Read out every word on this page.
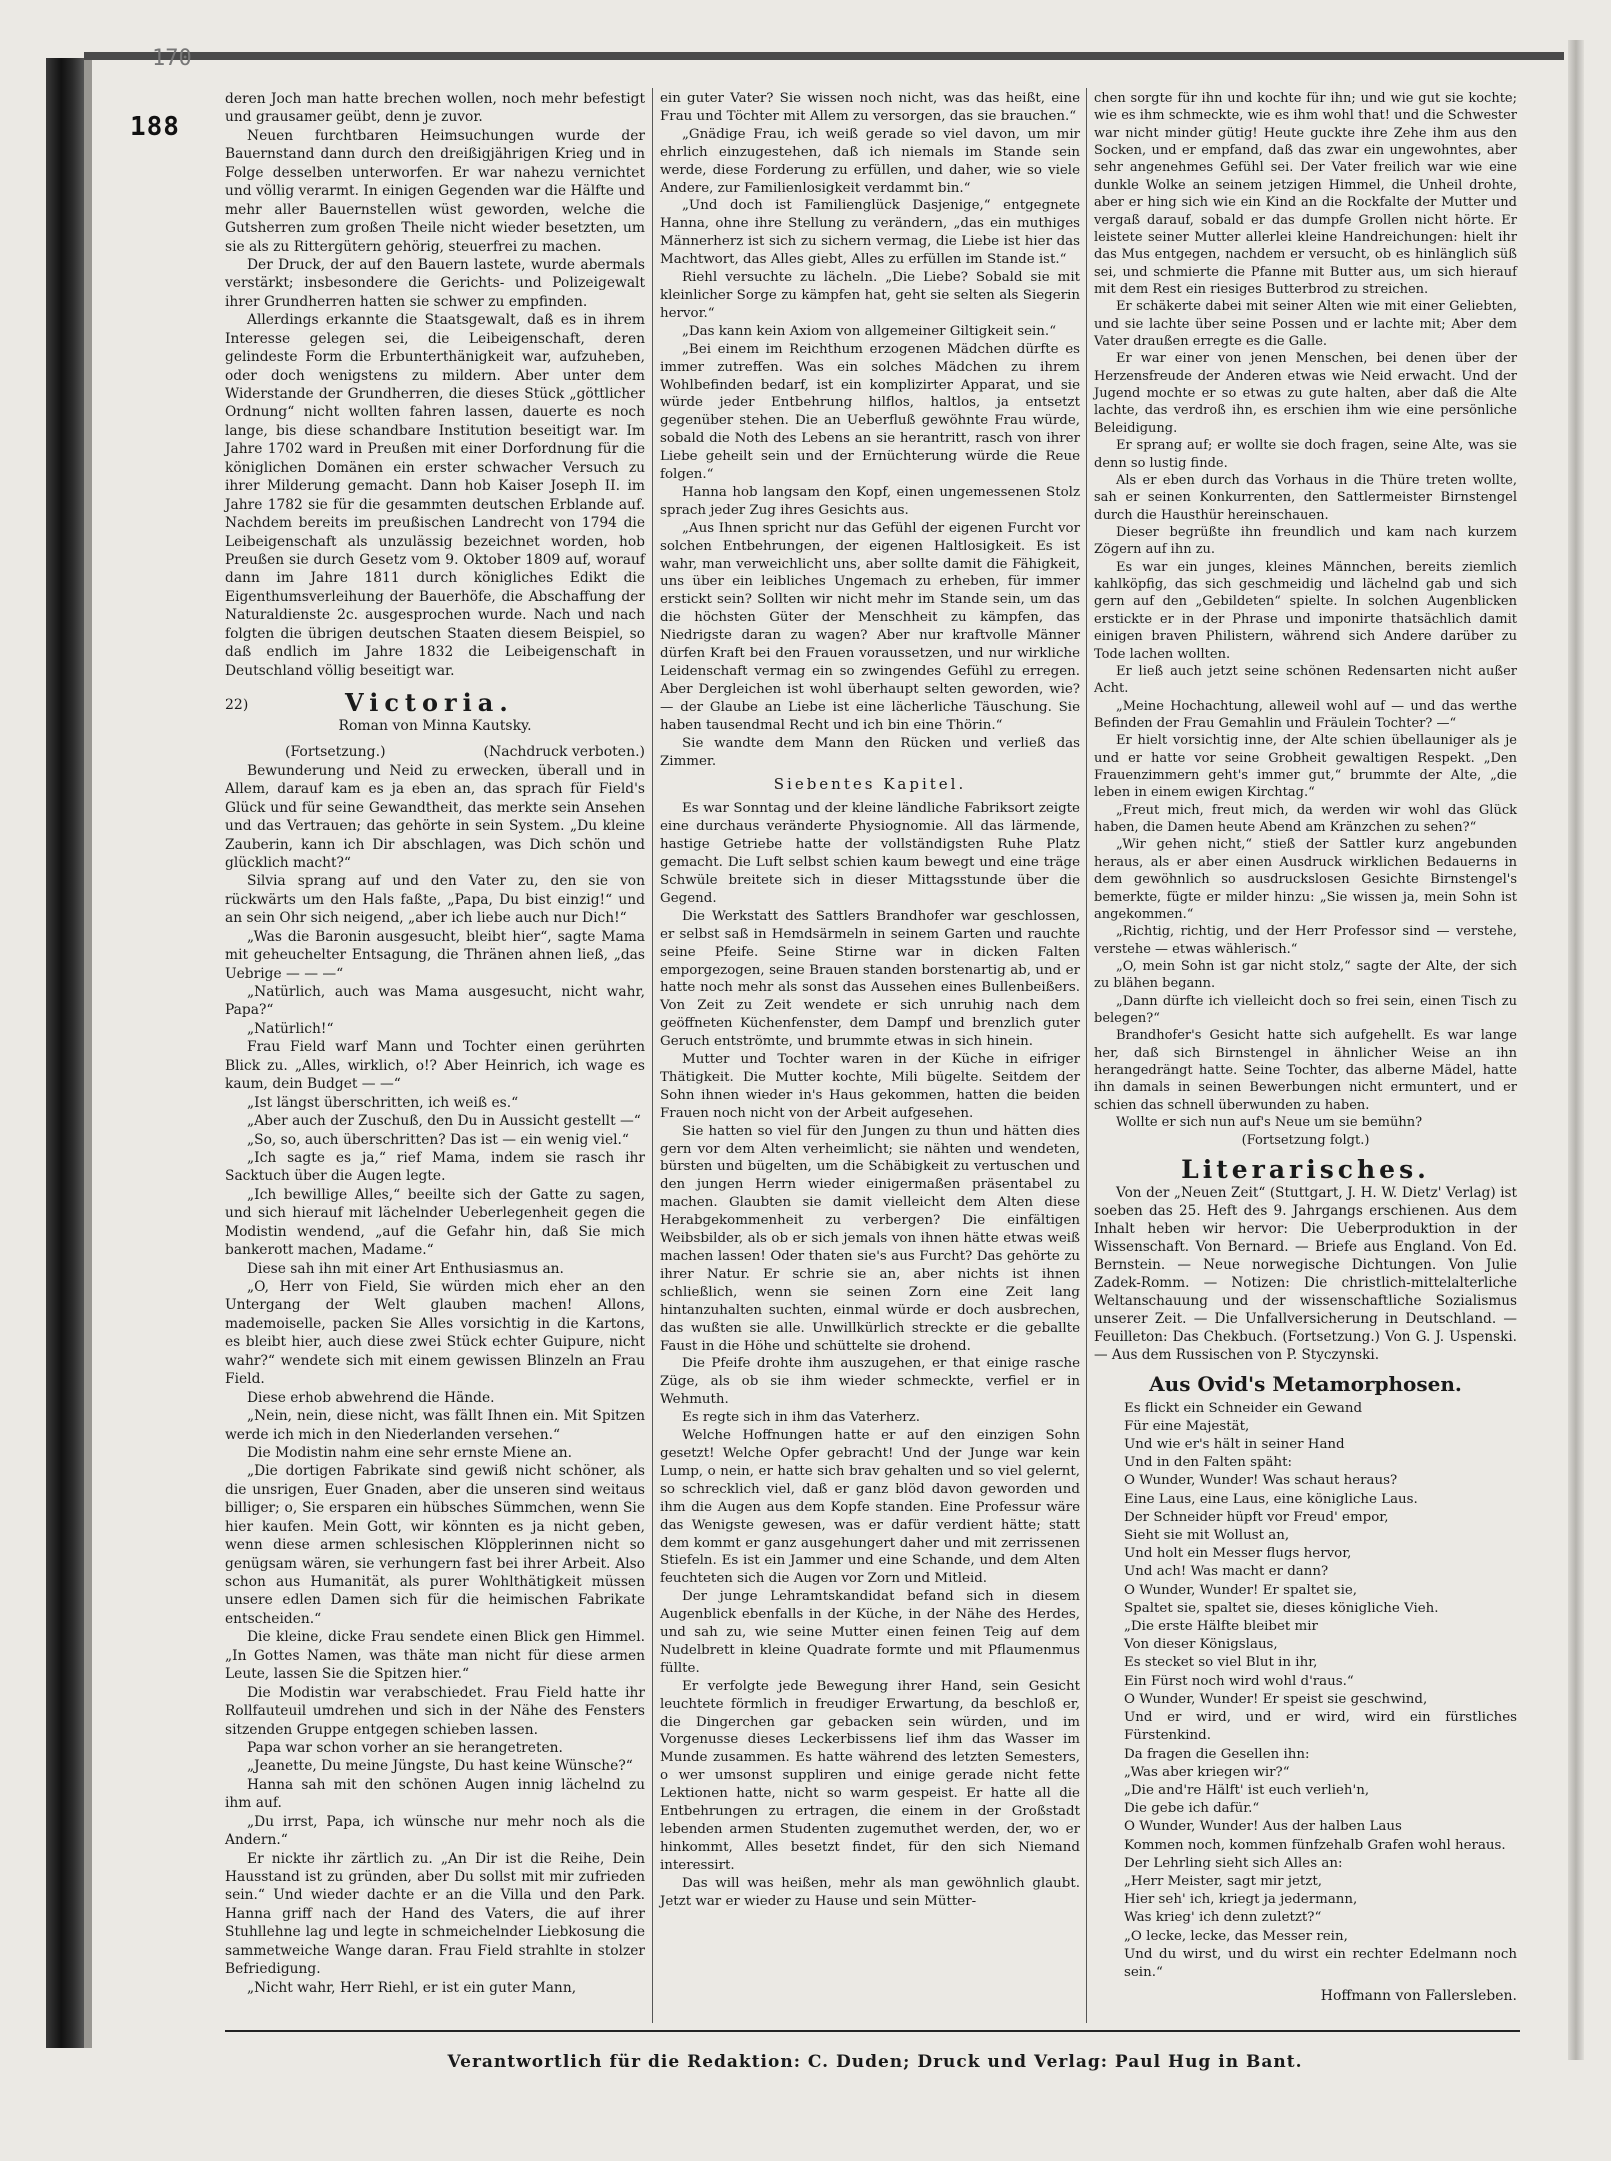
170
188

deren Joch man hatte brechen wollen, noch mehr befestigt und grausamer geübt, denn je zuvor.

Neuen furchtbaren Heimsuchungen wurde der Bauernstand dann durch den dreißigjährigen Krieg und in Folge desselben unterworfen. Er war nahezu vernichtet und völlig verarmt. In einigen Gegenden war die Hälfte und mehr aller Bauernstellen wüst geworden, welche die Gutsherren zum großen Theile nicht wieder besetzten, um sie als zu Rittergütern gehörig, steuerfrei zu machen.

Der Druck, der auf den Bauern lastete, wurde abermals verstärkt; insbesondere die Gerichts- und Polizeigewalt ihrer Grundherren hatten sie schwer zu empfinden.

Allerdings erkannte die Staatsgewalt, daß es in ihrem Interesse gelegen sei, die Leibeigenschaft, deren gelindeste Form die Erbunterthänigkeit war, aufzuheben, oder doch wenigstens zu mildern. Aber unter dem Widerstande der Grundherren, die dieses Stück „göttlicher Ordnung“ nicht wollten fahren lassen, dauerte es noch lange, bis diese schandbare Institution beseitigt war. Im Jahre 1702 ward in Preußen mit einer Dorfordnung für die königlichen Domänen ein erster schwacher Versuch zu ihrer Milderung gemacht. Dann hob Kaiser Joseph II. im Jahre 1782 sie für die gesammten deutschen Erblande auf. Nachdem bereits im preußischen Landrecht von 1794 die Leibeigenschaft als unzulässig bezeichnet worden, hob Preußen sie durch Gesetz vom 9. Oktober 1809 auf, worauf dann im Jahre 1811 durch königliches Edikt die Eigenthumsverleihung der Bauerhöfe, die Abschaffung der Naturaldienste 2c. ausgesprochen wurde. Nach und nach folgten die übrigen deutschen Staaten diesem Beispiel, so daß endlich im Jahre 1832 die Leibeigenschaft in Deutschland völlig beseitigt war.

22)	Victoria.
Roman von Minna Kautsky.
(Fortsetzung.)	(Nachdruck verboten.)

Bewunderung und Neid zu erwecken, überall und in Allem, darauf kam es ja eben an, das sprach für Field's Glück und für seine Gewandtheit, das merkte sein Ansehen und das Vertrauen; das gehörte in sein System. „Du kleine Zauberin, kann ich Dir abschlagen, was Dich schön und glücklich macht?“

Silvia sprang auf und den Vater zu, den sie von rückwärts um den Hals faßte, „Papa, Du bist einzig!“ und an sein Ohr sich neigend, „aber ich liebe auch nur Dich!“

„Was die Baronin ausgesucht, bleibt hier“, sagte Mama mit geheuchelter Entsagung, die Thränen ahnen ließ, „das Uebrige — — —“

„Natürlich, auch was Mama ausgesucht, nicht wahr, Papa?“

„Natürlich!“

Frau Field warf Mann und Tochter einen gerührten Blick zu. „Alles, wirklich, o!? Aber Heinrich, ich wage es kaum, dein Budget — —“

„Ist längst überschritten, ich weiß es.“

„Aber auch der Zuschuß, den Du in Aussicht gestellt —“

„So, so, auch überschritten? Das ist — ein wenig viel.“

„Ich sagte es ja,“ rief Mama, indem sie rasch ihr Sacktuch über die Augen legte.

„Ich bewillige Alles,“ beeilte sich der Gatte zu sagen, und sich hierauf mit lächelnder Ueberlegenheit gegen die Modistin wendend, „auf die Gefahr hin, daß Sie mich bankerott machen, Madame.“

Diese sah ihn mit einer Art Enthusiasmus an.

„O, Herr von Field, Sie würden mich eher an den Untergang der Welt glauben machen! Allons, mademoiselle, packen Sie Alles vorsichtig in die Kartons, es bleibt hier, auch diese zwei Stück echter Guipure, nicht wahr?“ wendete sich mit einem gewissen Blinzeln an Frau Field.

Diese erhob abwehrend die Hände.

„Nein, nein, diese nicht, was fällt Ihnen ein. Mit Spitzen werde ich mich in den Niederlanden versehen.“

Die Modistin nahm eine sehr ernste Miene an.

„Die dortigen Fabrikate sind gewiß nicht schöner, als die unsrigen, Euer Gnaden, aber die unseren sind weitaus billiger; o, Sie ersparen ein hübsches Sümmchen, wenn Sie hier kaufen. Mein Gott, wir könnten es ja nicht geben, wenn diese armen schlesischen Klöpplerinnen nicht so genügsam wären, sie verhungern fast bei ihrer Arbeit. Also schon aus Humanität, als purer Wohlthätigkeit müssen unsere edlen Damen sich für die heimischen Fabrikate entscheiden.“

Die kleine, dicke Frau sendete einen Blick gen Himmel. „In Gottes Namen, was thäte man nicht für diese armen Leute, lassen Sie die Spitzen hier.“

Die Modistin war verabschiedet. Frau Field hatte ihr Rollfauteuil umdrehen und sich in der Nähe des Fensters sitzenden Gruppe entgegen schieben lassen.

Papa war schon vorher an sie herangetreten.

„Jeanette, Du meine Jüngste, Du hast keine Wünsche?“

Hanna sah mit den schönen Augen innig lächelnd zu ihm auf.

„Du irrst, Papa, ich wünsche nur mehr noch als die Andern.“

Er nickte ihr zärtlich zu. „An Dir ist die Reihe, Dein Hausstand ist zu gründen, aber Du sollst mit mir zufrieden sein.“ Und wieder dachte er an die Villa und den Park. Hanna griff nach der Hand des Vaters, die auf ihrer Stuhllehne lag und legte in schmeichelnder Liebkosung die sammetweiche Wange daran. Frau Field strahlte in stolzer Befriedigung.

„Nicht wahr, Herr Riehl, er ist ein guter Mann,

ein guter Vater? Sie wissen noch nicht, was das heißt, eine Frau und Töchter mit Allem zu versorgen, das sie brauchen.“

„Gnädige Frau, ich weiß gerade so viel davon, um mir ehrlich einzugestehen, daß ich niemals im Stande sein werde, diese Forderung zu erfüllen, und daher, wie so viele Andere, zur Familienlosigkeit verdammt bin.“

„Und doch ist Familienglück Dasjenige,“ entgegnete Hanna, ohne ihre Stellung zu verändern, „das ein muthiges Männerherz ist sich zu sichern vermag, die Liebe ist hier das Machtwort, das Alles giebt, Alles zu erfüllen im Stande ist.“

Riehl versuchte zu lächeln. „Die Liebe? Sobald sie mit kleinlicher Sorge zu kämpfen hat, geht sie selten als Siegerin hervor.“

„Das kann kein Axiom von allgemeiner Giltigkeit sein.“

„Bei einem im Reichthum erzogenen Mädchen dürfte es immer zutreffen. Was ein solches Mädchen zu ihrem Wohlbefinden bedarf, ist ein komplizirter Apparat, und sie würde jeder Entbehrung hilflos, haltlos, ja entsetzt gegenüber stehen. Die an Ueberfluß gewöhnte Frau würde, sobald die Noth des Lebens an sie herantritt, rasch von ihrer Liebe geheilt sein und der Ernüchterung würde die Reue folgen.“

Hanna hob langsam den Kopf, einen ungemessenen Stolz sprach jeder Zug ihres Gesichts aus.

„Aus Ihnen spricht nur das Gefühl der eigenen Furcht vor solchen Entbehrungen, der eigenen Haltlosigkeit. Es ist wahr, man verweichlicht uns, aber sollte damit die Fähigkeit, uns über ein leibliches Ungemach zu erheben, für immer erstickt sein? Sollten wir nicht mehr im Stande sein, um das die höchsten Güter der Menschheit zu kämpfen, das Niedrigste daran zu wagen? Aber nur kraftvolle Männer dürfen Kraft bei den Frauen voraussetzen, und nur wirkliche Leidenschaft vermag ein so zwingendes Gefühl zu erregen. Aber Dergleichen ist wohl überhaupt selten geworden, wie? — der Glaube an Liebe ist eine lächerliche Täuschung. Sie haben tausendmal Recht und ich bin eine Thörin.“

Sie wandte dem Mann den Rücken und verließ das Zimmer.

Siebentes Kapitel.

Es war Sonntag und der kleine ländliche Fabriksort zeigte eine durchaus veränderte Physiognomie. All das lärmende, hastige Getriebe hatte der vollständigsten Ruhe Platz gemacht. Die Luft selbst schien kaum bewegt und eine träge Schwüle breitete sich in dieser Mittagsstunde über die Gegend.

Die Werkstatt des Sattlers Brandhofer war geschlossen, er selbst saß in Hemdsärmeln in seinem Garten und rauchte seine Pfeife. Seine Stirne war in dicken Falten emporgezogen, seine Brauen standen borstenartig ab, und er hatte noch mehr als sonst das Aussehen eines Bullenbeißers. Von Zeit zu Zeit wendete er sich unruhig nach dem geöffneten Küchenfenster, dem Dampf und brenzlich guter Geruch entströmte, und brummte etwas in sich hinein.

Mutter und Tochter waren in der Küche in eifriger Thätigkeit. Die Mutter kochte, Mili bügelte. Seitdem der Sohn ihnen wieder in's Haus gekommen, hatten die beiden Frauen noch nicht von der Arbeit aufgesehen.

Sie hatten so viel für den Jungen zu thun und hätten dies gern vor dem Alten verheimlicht; sie nähten und wendeten, bürsten und bügelten, um die Schäbigkeit zu vertuschen und den jungen Herrn wieder einigermaßen präsentabel zu machen. Glaubten sie damit vielleicht dem Alten diese Herabgekommenheit zu verbergen? Die einfältigen Weibsbilder, als ob er sich jemals von ihnen hätte etwas weiß machen lassen! Oder thaten sie's aus Furcht? Das gehörte zu ihrer Natur. Er schrie sie an, aber nichts ist ihnen schließlich, wenn sie seinen Zorn eine Zeit lang hintanzuhalten suchten, einmal würde er doch ausbrechen, das wußten sie alle. Unwillkürlich streckte er die geballte Faust in die Höhe und schüttelte sie drohend.

Die Pfeife drohte ihm auszugehen, er that einige rasche Züge, als ob sie ihm wieder schmeckte, verfiel er in Wehmuth.

Es regte sich in ihm das Vaterherz.

Welche Hoffnungen hatte er auf den einzigen Sohn gesetzt! Welche Opfer gebracht! Und der Junge war kein Lump, o nein, er hatte sich brav gehalten und so viel gelernt, so schrecklich viel, daß er ganz blöd davon geworden und ihm die Augen aus dem Kopfe standen. Eine Professur wäre das Wenigste gewesen, was er dafür verdient hätte; statt dem kommt er ganz ausgehungert daher und mit zerrissenen Stiefeln. Es ist ein Jammer und eine Schande, und dem Alten feuchteten sich die Augen vor Zorn und Mitleid.

Der junge Lehramtskandidat befand sich in diesem Augenblick ebenfalls in der Küche, in der Nähe des Herdes, und sah zu, wie seine Mutter einen feinen Teig auf dem Nudelbrett in kleine Quadrate formte und mit Pflaumenmus füllte.

Er verfolgte jede Bewegung ihrer Hand, sein Gesicht leuchtete förmlich in freudiger Erwartung, da beschloß er, die Dingerchen gar gebacken sein würden, und im Vorgenusse dieses Leckerbissens lief ihm das Wasser im Munde zusammen. Es hatte während des letzten Semesters, o wer umsonst suppliren und einige gerade nicht fette Lektionen hatte, nicht so warm gespeist. Er hatte all die Entbehrungen zu ertragen, die einem in der Großstadt lebenden armen Studenten zugemuthet werden, der, wo er hinkommt, Alles besetzt findet, für den sich Niemand interessirt.

Das will was heißen, mehr als man gewöhnlich glaubt. Jetzt war er wieder zu Hause und sein Mütter-

chen sorgte für ihn und kochte für ihn; und wie gut sie kochte; wie es ihm schmeckte, wie es ihm wohl that! und die Schwester war nicht minder gütig! Heute guckte ihre Zehe ihm aus den Socken, und er empfand, daß das zwar ein ungewohntes, aber sehr angenehmes Gefühl sei. Der Vater freilich war wie eine dunkle Wolke an seinem jetzigen Himmel, die Unheil drohte, aber er hing sich wie ein Kind an die Rockfalte der Mutter und vergaß darauf, sobald er das dumpfe Grollen nicht hörte. Er leistete seiner Mutter allerlei kleine Handreichungen: hielt ihr das Mus entgegen, nachdem er versucht, ob es hinlänglich süß sei, und schmierte die Pfanne mit Butter aus, um sich hierauf mit dem Rest ein riesiges Butterbrod zu streichen.

Er schäkerte dabei mit seiner Alten wie mit einer Geliebten, und sie lachte über seine Possen und er lachte mit; Aber dem Vater draußen erregte es die Galle.

Er war einer von jenen Menschen, bei denen über der Herzensfreude der Anderen etwas wie Neid erwacht. Und der Jugend mochte er so etwas zu gute halten, aber daß die Alte lachte, das verdroß ihn, es erschien ihm wie eine persönliche Beleidigung.

Er sprang auf; er wollte sie doch fragen, seine Alte, was sie denn so lustig finde.

Als er eben durch das Vorhaus in die Thüre treten wollte, sah er seinen Konkurrenten, den Sattlermeister Birnstengel durch die Hausthür hereinschauen.

Dieser begrüßte ihn freundlich und kam nach kurzem Zögern auf ihn zu.

Es war ein junges, kleines Männchen, bereits ziemlich kahlköpfig, das sich geschmeidig und lächelnd gab und sich gern auf den „Gebildeten“ spielte. In solchen Augenblicken erstickte er in der Phrase und imponirte thatsächlich damit einigen braven Philistern, während sich Andere darüber zu Tode lachen wollten.

Er ließ auch jetzt seine schönen Redensarten nicht außer Acht.

„Meine Hochachtung, alleweil wohl auf — und das werthe Befinden der Frau Gemahlin und Fräulein Tochter? —“

Er hielt vorsichtig inne, der Alte schien übellauniger als je und er hatte vor seine Grobheit gewaltigen Respekt. „Den Frauenzimmern geht's immer gut,“ brummte der Alte, „die leben in einem ewigen Kirchtag.“

„Freut mich, freut mich, da werden wir wohl das Glück haben, die Damen heute Abend am Kränzchen zu sehen?“

„Wir gehen nicht,“ stieß der Sattler kurz angebunden heraus, als er aber einen Ausdruck wirklichen Bedauerns in dem gewöhnlich so ausdruckslosen Gesichte Birnstengel's bemerkte, fügte er milder hinzu: „Sie wissen ja, mein Sohn ist angekommen.“

„Richtig, richtig, und der Herr Professor sind — verstehe, verstehe — etwas wählerisch.“

„O, mein Sohn ist gar nicht stolz,“ sagte der Alte, der sich zu blähen begann.

„Dann dürfte ich vielleicht doch so frei sein, einen Tisch zu belegen?“

Brandhofer's Gesicht hatte sich aufgehellt. Es war lange her, daß sich Birnstengel in ähnlicher Weise an ihn herangedrängt hatte. Seine Tochter, das alberne Mädel, hatte ihn damals in seinen Bewerbungen nicht ermuntert, und er schien das schnell überwunden zu haben.

Wollte er sich nun auf's Neue um sie bemühn?

(Fortsetzung folgt.)
Literarisches.

Von der „Neuen Zeit“ (Stuttgart, J. H. W. Dietz' Verlag) ist soeben das 25. Heft des 9. Jahrgangs erschienen. Aus dem Inhalt heben wir hervor: Die Ueberproduktion in der Wissenschaft. Von Bernard. — Briefe aus England. Von Ed. Bernstein. — Neue norwegische Dichtungen. Von Julie Zadek-Romm. — Notizen: Die christlich-mittelalterliche Weltanschauung und der wissenschaftliche Sozialismus unserer Zeit. — Die Unfallversicherung in Deutschland. — Feuilleton: Das Chekbuch. (Fortsetzung.) Von G. J. Uspenski. — Aus dem Russischen von P. Styczynski.

Aus Ovid's Metamorphosen.
Es flickt ein Schneider ein Gewand
Für eine Majestät,
Und wie er's hält in seiner Hand
Und in den Falten späht:
O Wunder, Wunder! Was schaut heraus?
Eine Laus, eine Laus, eine königliche Laus.
Der Schneider hüpft vor Freud' empor,
Sieht sie mit Wollust an,
Und holt ein Messer flugs hervor,
Und ach! Was macht er dann?
O Wunder, Wunder! Er spaltet sie,
Spaltet sie, spaltet sie, dieses königliche Vieh.
„Die erste Hälfte bleibet mir
Von dieser Königslaus,
Es stecket so viel Blut in ihr,
Ein Fürst noch wird wohl d'raus.“
O Wunder, Wunder! Er speist sie geschwind,
Und er wird, und er wird, wird ein fürstliches Fürstenkind.
Da fragen die Gesellen ihn:
„Was aber kriegen wir?“
„Die and're Hälft' ist euch verlieh'n,
Die gebe ich dafür.“
O Wunder, Wunder! Aus der halben Laus
Kommen noch, kommen fünfzehalb Grafen wohl heraus.
Der Lehrling sieht sich Alles an:
„Herr Meister, sagt mir jetzt,
Hier seh' ich, kriegt ja jedermann,
Was krieg' ich denn zuletzt?“
„O lecke, lecke, das Messer rein,
Und du wirst, und du wirst ein rechter Edelmann noch sein.“
Hoffmann von Fallersleben.
Verantwortlich für die Redaktion: C. Duden; Druck und Verlag: Paul Hug in Bant.
